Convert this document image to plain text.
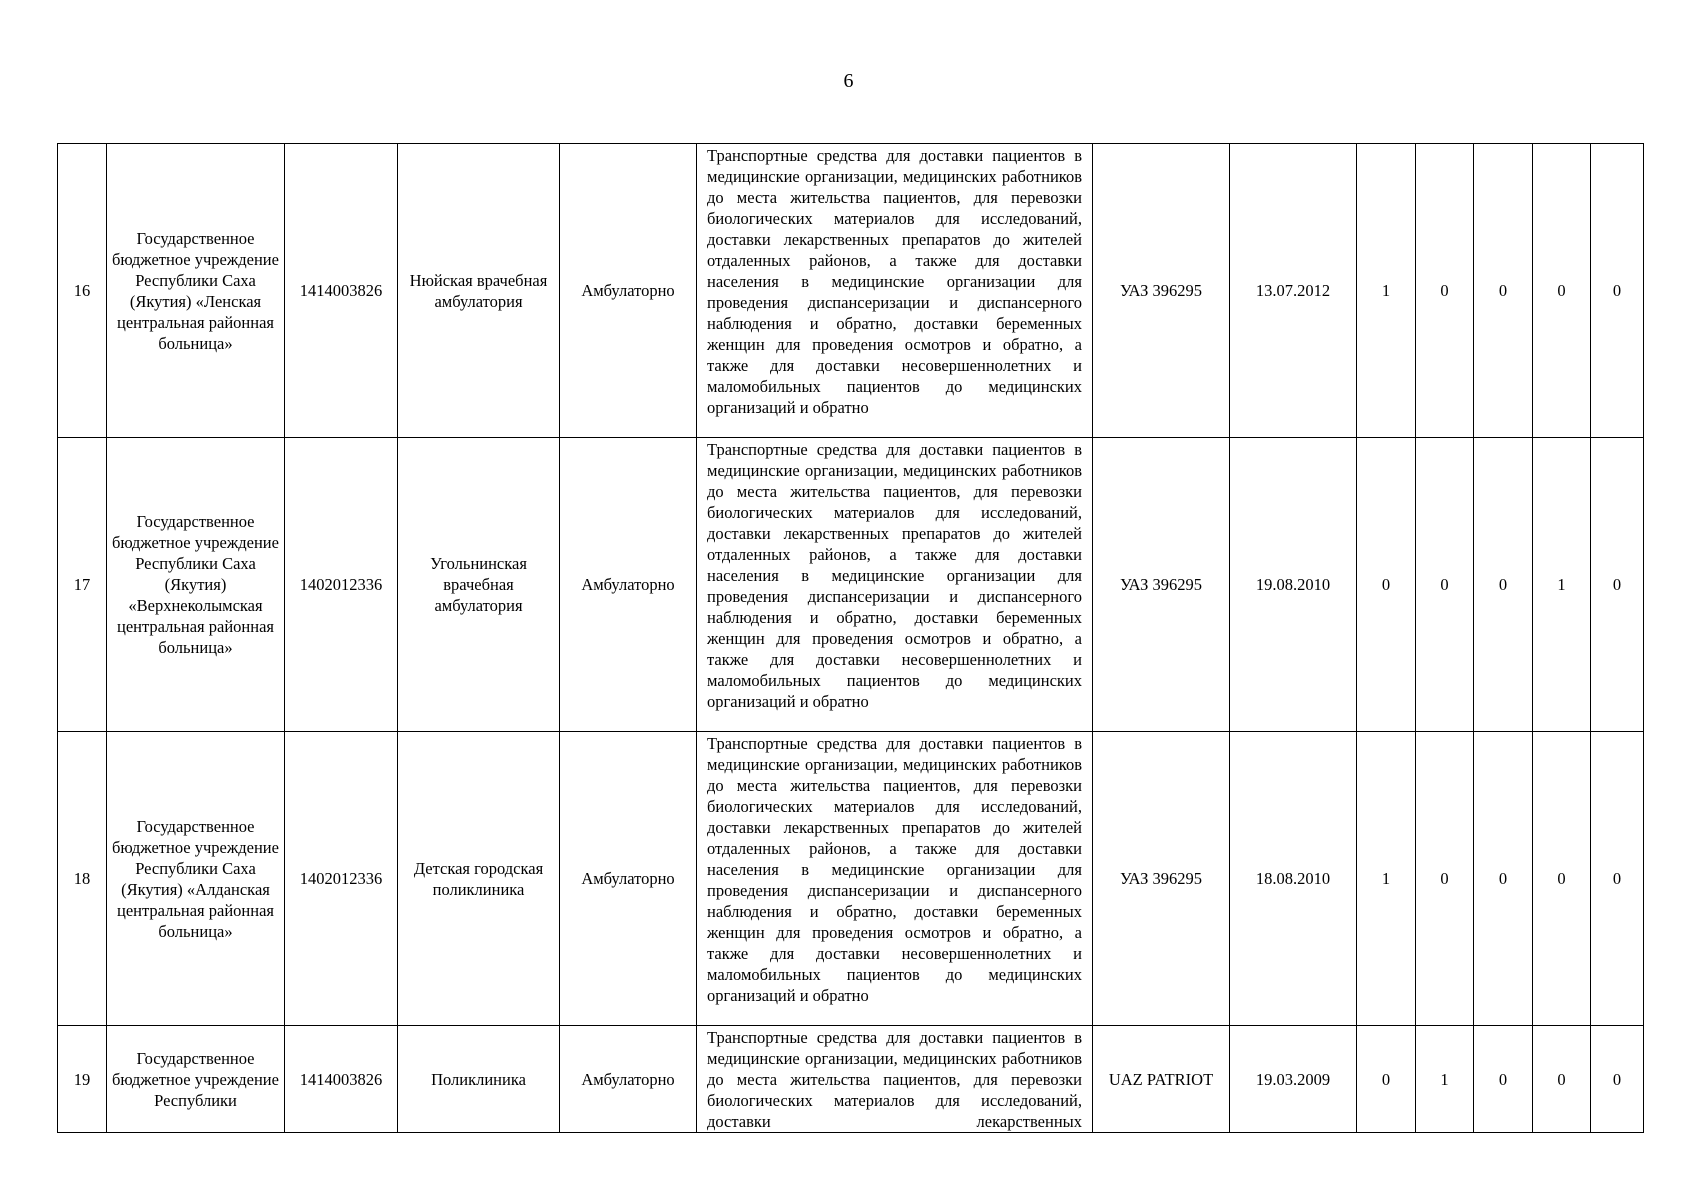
6
16	Государственное бюджетное учреждение Республики Саха (Якутия) «Ленская центральная районная больница»	1414003826	Нюйская врачебная амбулатория	Амбулаторно	Транспортные средства для доставки пациентов в медицинские организации, медицинских работников до места жительства пациентов, для перевозки биологических материалов для исследований, доставки лекарственных препаратов до жителей отдаленных районов, а также для доставки населения в медицинские организации для проведения диспансеризации и диспансерного наблюдения и обратно, доставки беременных женщин для проведения осмотров и обратно, а также для доставки несовершеннолетних и маломобильных пациентов до медицинских организаций и обратно	УАЗ 396295	13.07.2012	1	0	0	0	0
17	Государственное бюджетное учреждение Республики Саха (Якутия) «Верхнеколымская центральная районная больница»	1402012336	Угольнинская врачебная амбулатория	Амбулаторно	Транспортные средства для доставки пациентов в медицинские организации, медицинских работников до места жительства пациентов, для перевозки биологических материалов для исследований, доставки лекарственных препаратов до жителей отдаленных районов, а также для доставки населения в медицинские организации для проведения диспансеризации и диспансерного наблюдения и обратно, доставки беременных женщин для проведения осмотров и обратно, а также для доставки несовершеннолетних и маломобильных пациентов до медицинских организаций и обратно	УАЗ 396295	19.08.2010	0	0	0	1	0
18	Государственное бюджетное учреждение Республики Саха (Якутия) «Алданская центральная районная больница»	1402012336	Детская городская поликлиника	Амбулаторно	Транспортные средства для доставки пациентов в медицинские организации, медицинских работников до места жительства пациентов, для перевозки биологических материалов для исследований, доставки лекарственных препаратов до жителей отдаленных районов, а также для доставки населения в медицинские организации для проведения диспансеризации и диспансерного наблюдения и обратно, доставки беременных женщин для проведения осмотров и обратно, а также для доставки несовершеннолетних и маломобильных пациентов до медицинских организаций и обратно	УАЗ 396295	18.08.2010	1	0	0	0	0
19	Государственное бюджетное учреждение Республики	1414003826	Поликлиника	Амбулаторно	Транспортные средства для доставки пациентов в медицинские организации, медицинских работников до места жительства пациентов, для перевозки биологических материалов для исследований, доставки лекарственных	UAZ PATRIOT	19.03.2009	0	1	0	0	0
